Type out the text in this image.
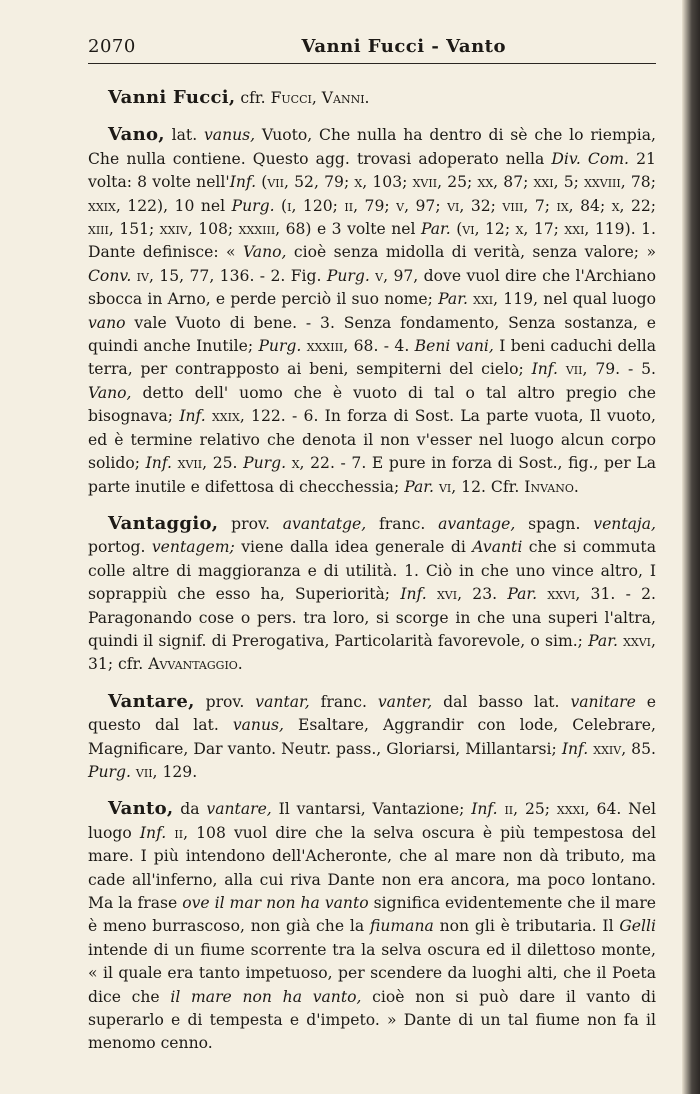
2070	Vanni Fucci - Vanto

Vanni Fucci, cfr. Fucci, Vanni.

Vano, lat. vanus, Vuoto, Che nulla ha dentro di sè che lo riempia, Che nulla contiene. Questo agg. trovasi adoperato nella Div. Com. 21 volta: 8 volte nell'Inf. (vii, 52, 79; x, 103; xvii, 25; xx, 87; xxi, 5; xxviii, 78; xxix, 122), 10 nel Purg. (i, 120; ii, 79; v, 97; vi, 32; viii, 7; ix, 84; x, 22; xiii, 151; xxiv, 108; xxxiii, 68) e 3 volte nel Par. (vi, 12; x, 17; xxi, 119). 1. Dante definisce: « Vano, cioè senza midolla di verità, senza valore; » Conv. iv, 15, 77, 136. - 2. Fig. Purg. v, 97, dove vuol dire che l'Archiano sbocca in Arno, e perde perciò il suo nome; Par. xxi, 119, nel qual luogo vano vale Vuoto di bene. - 3. Senza fondamento, Senza sostanza, e quindi anche Inutile; Purg. xxxiii, 68. - 4. Beni vani, I beni caduchi della terra, per contrapposto ai beni, sempiterni del cielo; Inf. vii, 79. - 5. Vano, detto dell' uomo che è vuoto di tal o tal altro pregio che bisognava; Inf. xxix, 122. - 6. In forza di Sost. La parte vuota, Il vuoto, ed è termine relativo che denota il non v'esser nel luogo alcun corpo solido; Inf. xvii, 25. Purg. x, 22. - 7. E pure in forza di Sost., fig., per La parte inutile e difettosa di checchessia; Par. vi, 12. Cfr. Invano.

Vantaggio, prov. avantatge, franc. avantage, spagn. ventaja, portog. ventagem; viene dalla idea generale di Avanti che si commuta colle altre di maggioranza e di utilità. 1. Ciò in che uno vince altro, I soprappiù che esso ha, Superiorità; Inf. xvi, 23. Par. xxvi, 31. - 2. Paragonando cose o pers. tra loro, si scorge in che una superi l'altra, quindi il signif. di Prerogativa, Particolarità favorevole, o sim.; Par. xxvi, 31; cfr. Avvantaggio.

Vantare, prov. vantar, franc. vanter, dal basso lat. vanitare e questo dal lat. vanus, Esaltare, Aggrandir con lode, Celebrare, Magnificare, Dar vanto. Neutr. pass., Gloriarsi, Millantarsi; Inf. xxiv, 85. Purg. vii, 129.

Vanto, da vantare, Il vantarsi, Vantazione; Inf. ii, 25; xxxi, 64. Nel luogo Inf. ii, 108 vuol dire che la selva oscura è più tempestosa del mare. I più intendono dell'Acheronte, che al mare non dà tributo, ma cade all'inferno, alla cui riva Dante non era ancora, ma poco lontano. Ma la frase ove il mar non ha vanto significa evidentemente che il mare è meno burrascoso, non già che la fiumana non gli è tributaria. Il Gelli intende di un fiume scorrente tra la selva oscura ed il dilettoso monte, « il quale era tanto impetuoso, per scendere da luoghi alti, che il Poeta dice che il mare non ha vanto, cioè non si può dare il vanto di superarlo e di tempesta e d'impeto. » Dante di un tal fiume non fa il menomo cenno.
